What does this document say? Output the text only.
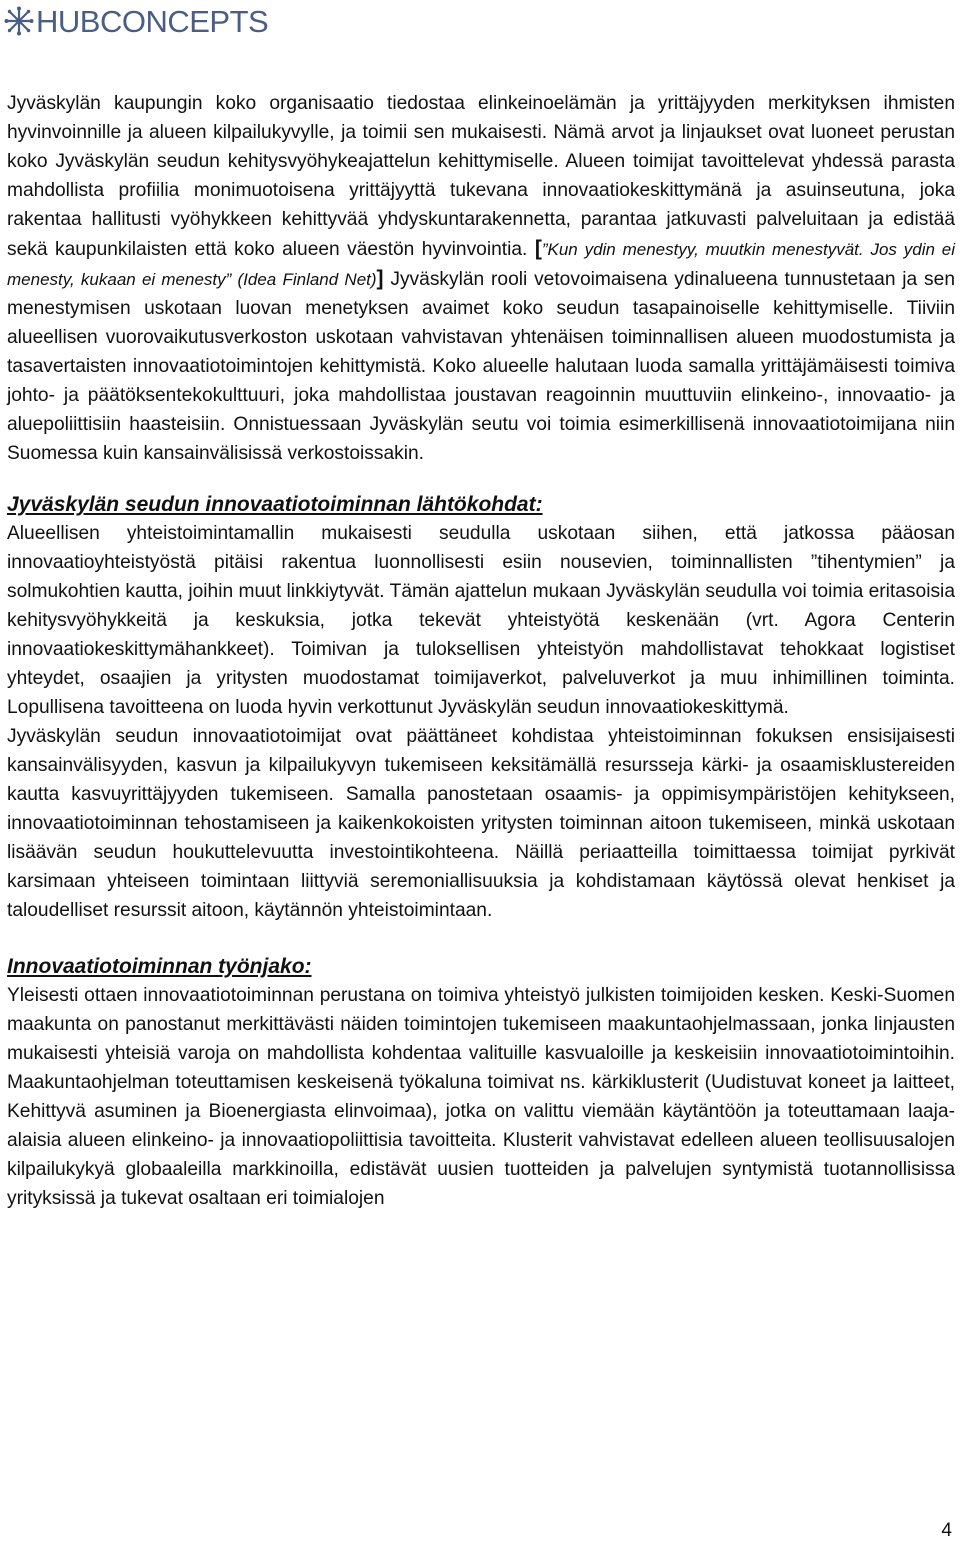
HUBCONCEPTS

Jyväskylän kaupungin koko organisaatio tiedostaa elinkeinoelämän ja yrittäjyyden merkityksen ihmisten hyvinvoinnille ja alueen kilpailukyvylle, ja toimii sen mukaisesti. Nämä arvot ja linjaukset ovat luoneet perustan koko Jyväskylän seudun kehitysvyöhykeajattelun kehittymiselle. Alueen toimijat tavoittelevat yhdessä parasta mahdollista profiilia monimuotoisena yrittäjyyttä tukevana innovaatiokeskittymänä ja asuinseutuna, joka rakentaa hallitusti vyöhykkeen kehittyvää yhdyskuntarakennetta, parantaa jatkuvasti palveluitaan ja edistää sekä kaupunkilaisten että koko alueen väestön hyvinvointia. [”Kun ydin menestyy, muutkin menestyvät. Jos ydin ei menesty, kukaan ei menesty” (Idea Finland Net)] Jyväskylän rooli vetovoimaisena ydinalueena tunnustetaan ja sen menestymisen uskotaan luovan menetyksen avaimet koko seudun tasapainoiselle kehittymiselle. Tiiviin alueellisen vuorovaikutusverkoston uskotaan vahvistavan yhtenäisen toiminnallisen alueen muodostumista ja tasavertaisten innovaatiotoimintojen kehittymistä. Koko alueelle halutaan luoda samalla yrittäjämäisesti toimiva johto- ja päätöksentekokulttuuri, joka mahdollistaa joustavan reagoinnin muuttuviin elinkeino-, innovaatio- ja aluepoliittisiin haasteisiin. Onnistuessaan Jyväskylän seutu voi toimia esimerkillisenä innovaatiotoimijana niin Suomessa kuin kansainvälisissä verkostoissakin.

Jyväskylän seudun innovaatiotoiminnan lähtökohdat:

Alueellisen yhteistoimintamallin mukaisesti seudulla uskotaan siihen, että jatkossa pääosan innovaatioyhteistyöstä pitäisi rakentua luonnollisesti esiin nousevien, toiminnallisten ”tihentymien” ja solmukohtien kautta, joihin muut linkkiytyvät. Tämän ajattelun mukaan Jyväskylän seudulla voi toimia eritasoisia kehitysvyöhykkeitä ja keskuksia, jotka tekevät yhteistyötä keskenään (vrt. Agora Centerin innovaatiokeskittymähankkeet). Toimivan ja tuloksellisen yhteistyön mahdollistavat tehokkaat logistiset yhteydet, osaajien ja yritysten muodostamat toimijaverkot, palveluverkot ja muu inhimillinen toiminta. Lopullisena tavoitteena on luoda hyvin verkottunut Jyväskylän seudun innovaatiokeskittymä.

Jyväskylän seudun innovaatiotoimijat ovat päättäneet kohdistaa yhteistoiminnan fokuksen ensisijaisesti kansainvälisyyden, kasvun ja kilpailukyvyn tukemiseen keksitämällä resursseja kärki- ja osaamisklustereiden kautta kasvuyrittäjyyden tukemiseen. Samalla panostetaan osaamis- ja oppimisympäristöjen kehitykseen, innovaatiotoiminnan tehostamiseen ja kaikenkokoisten yritysten toiminnan aitoon tukemiseen, minkä uskotaan lisäävän seudun houkuttelevuutta investointikohteena. Näillä periaatteilla toimittaessa toimijat pyrkivät karsimaan yhteiseen toimintaan liittyviä seremoniallisuuksia ja kohdistamaan käytössä olevat henkiset ja taloudelliset resurssit aitoon, käytännön yhteistoimintaan.

Innovaatiotoiminnan työnjako:

Yleisesti ottaen innovaatiotoiminnan perustana on toimiva yhteistyö julkisten toimijoiden kesken. Keski-Suomen maakunta on panostanut merkittävästi näiden toimintojen tukemiseen maakuntaohjelmassaan, jonka linjausten mukaisesti yhteisiä varoja on mahdollista kohdentaa valituille kasvualoille ja keskeisiin innovaatiotoimintoihin. Maakuntaohjelman toteuttamisen keskeisenä työkaluna toimivat ns. kärkiklusterit (Uudistuvat koneet ja laitteet, Kehittyvä asuminen ja Bioenergiasta elinvoimaa), jotka on valittu viemään käytäntöön ja toteuttamaan laaja-alaisia alueen elinkeino- ja innovaatiopoliittisia tavoitteita. Klusterit vahvistavat edelleen alueen teollisuusalojen kilpailukykyä globaaleilla markkinoilla, edistävät uusien tuotteiden ja palvelujen syntymistä tuotannollisissa yrityksissä ja tukevat osaltaan eri toimialojen

4
